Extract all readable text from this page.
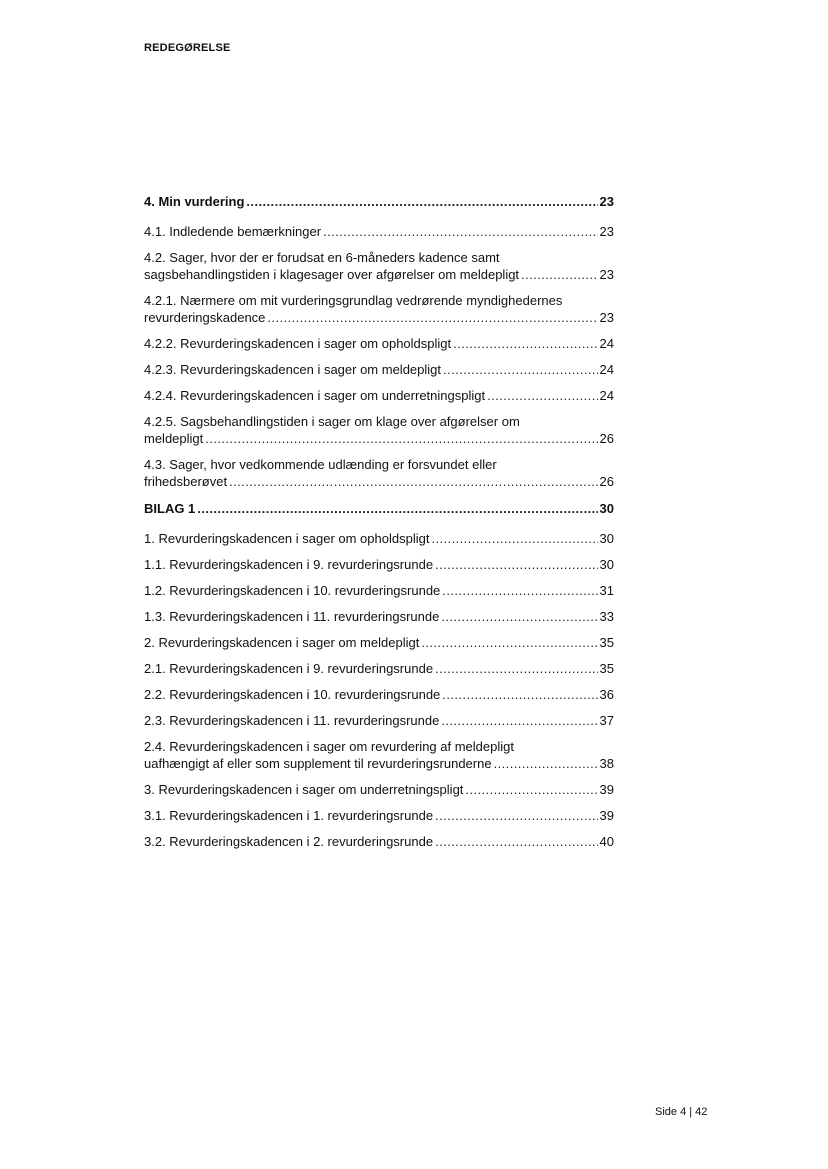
REDEGØRELSE
4. Min vurdering . . .	23
4.1. Indledende bemærkninger . . .	23
4.2. Sager, hvor der er forudsat en 6-måneders kadence samt
sagsbehandlingstiden i klagesager over afgørelser om meldepligt . . .	23
4.2.1. Nærmere om mit vurderingsgrundlag vedrørende myndighedernes
revurderingskadence . . .	23
4.2.2. Revurderingskadencen i sager om opholdspligt . . .	24
4.2.3. Revurderingskadencen i sager om meldepligt . . .	24
4.2.4. Revurderingskadencen i sager om underretningspligt . . .	24
4.2.5. Sagsbehandlingstiden i sager om klage over afgørelser om
meldepligt . . .	26
4.3. Sager, hvor vedkommende udlænding er forsvundet eller
frihedsberøvet . . .	26
BILAG 1 . . .	30
1. Revurderingskadencen i sager om opholdspligt . . .	30
1.1. Revurderingskadencen i 9. revurderingsrunde . . .	30
1.2. Revurderingskadencen i 10. revurderingsrunde . . .	31
1.3. Revurderingskadencen i 11. revurderingsrunde . . .	33
2. Revurderingskadencen i sager om meldepligt . . .	35
2.1. Revurderingskadencen i 9. revurderingsrunde . . .	35
2.2. Revurderingskadencen i 10. revurderingsrunde . . .	36
2.3. Revurderingskadencen i 11. revurderingsrunde . . .	37
2.4. Revurderingskadencen i sager om revurdering af meldepligt
uafhængigt af eller som supplement til revurderingsrunderne . . .	38
3. Revurderingskadencen i sager om underretningspligt . . .	39
3.1. Revurderingskadencen i 1. revurderingsrunde . . .	39
3.2. Revurderingskadencen i 2. revurderingsrunde . . .	40
Side 4 | 42
